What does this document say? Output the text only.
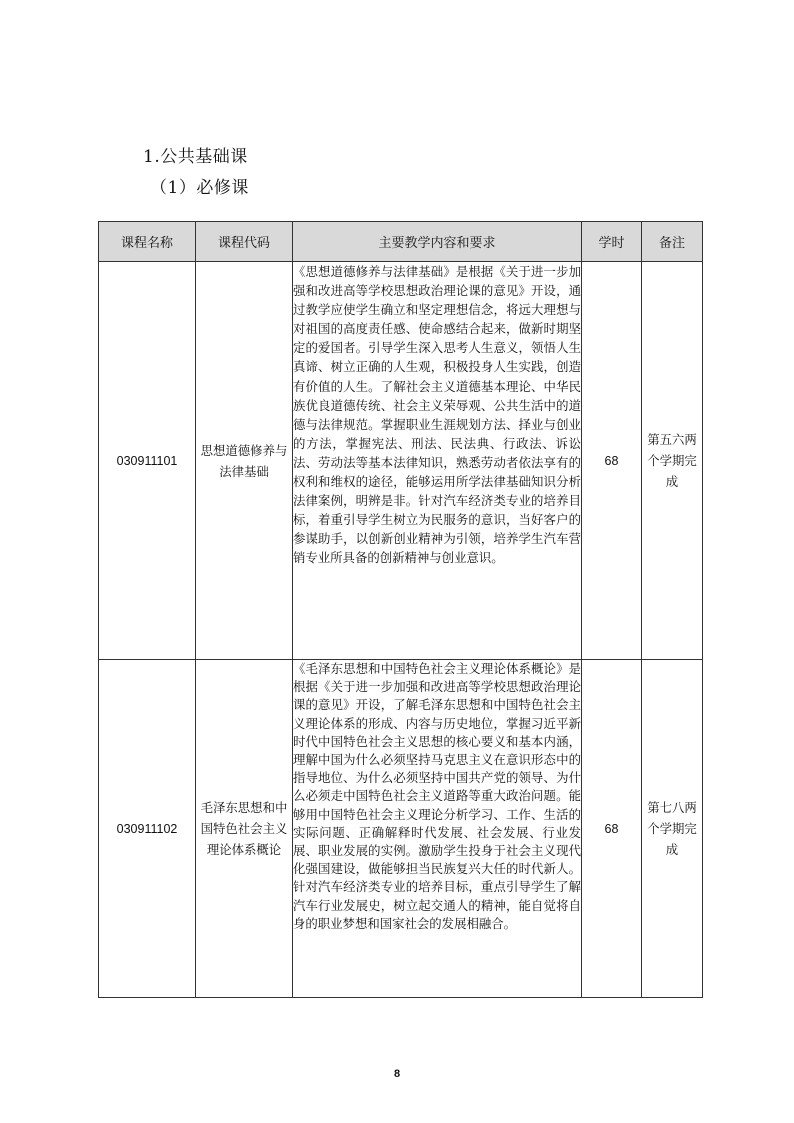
1.公共基础课
（1）必修课
课程名称	课程代码	主要教学内容和要求	学时	备注
030911101	思想道德修养与法律基础	《思想道德修养与法律基础》是根据《关于进一步加强和改进高等学校思想政治理论课的意见》开设，通过教学应使学生确立和坚定理想信念，将远大理想与对祖国的高度责任感、使命感结合起来，做新时期坚定的爱国者。引导学生深入思考人生意义，领悟人生真谛、树立正确的人生观，积极投身人生实践，创造有价值的人生。了解社会主义道德基本理论、中华民族优良道德传统、社会主义荣辱观、公共生活中的道德与法律规范。掌握职业生涯规划方法、择业与创业的方法，掌握宪法、刑法、民法典、行政法、诉讼法、劳动法等基本法律知识，熟悉劳动者依法享有的权利和维权的途径，能够运用所学法律基础知识分析法律案例，明辨是非。针对汽车经济类专业的培养目标，着重引导学生树立为民服务的意识，当好客户的参谋助手，以创新创业精神为引领，培养学生汽车营销专业所具备的创新精神与创业意识。	68	第五六两个学期完成
030911102	毛泽东思想和中国特色社会主义理论体系概论	《毛泽东思想和中国特色社会主义理论体系概论》是根据《关于进一步加强和改进高等学校思想政治理论课的意见》开设，了解毛泽东思想和中国特色社会主义理论体系的形成、内容与历史地位，掌握习近平新时代中国特色社会主义思想的核心要义和基本内涵，理解中国为什么必须坚持马克思主义在意识形态中的指导地位、为什么必须坚持中国共产党的领导、为什么必须走中国特色社会主义道路等重大政治问题。能够用中国特色社会主义理论分析学习、工作、生活的实际问题、正确解释时代发展、社会发展、行业发展、职业发展的实例。激励学生投身于社会主义现代化强国建设，做能够担当民族复兴大任的时代新人。针对汽车经济类专业的培养目标，重点引导学生了解汽车行业发展史，树立起交通人的精神，能自觉将自身的职业梦想和国家社会的发展相融合。	68	第七八两个学期完成
8
